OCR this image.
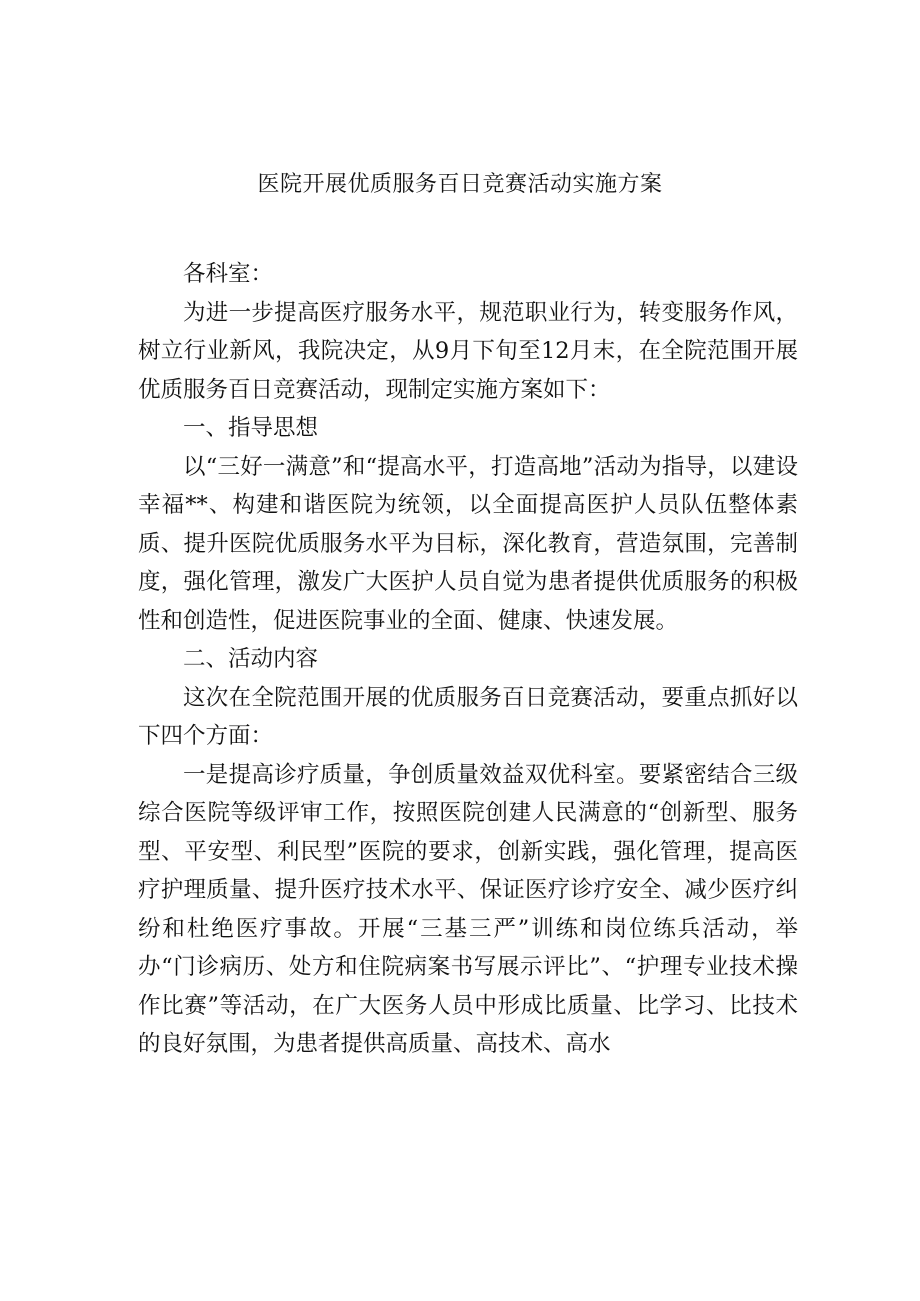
医院开展优质服务百日竞赛活动实施方案

各科室：

为进一步提高医疗服务水平，规范职业行为，转变服务作风，树立行业新风，我院决定，从9月下旬至12月末，在全院范围开展优质服务百日竞赛活动，现制定实施方案如下：

一、指导思想

以“三好一满意”和“提高水平，打造高地”活动为指导，以建设幸福**、构建和谐医院为统领，以全面提高医护人员队伍整体素质、提升医院优质服务水平为目标，深化教育，营造氛围，完善制度，强化管理，激发广大医护人员自觉为患者提供优质服务的积极性和创造性，促进医院事业的全面、健康、快速发展。

二、活动内容

这次在全院范围开展的优质服务百日竞赛活动，要重点抓好以下四个方面：

一是提高诊疗质量，争创质量效益双优科室。要紧密结合三级综合医院等级评审工作，按照医院创建人民满意的“创新型、服务型、平安型、利民型”医院的要求，创新实践，强化管理，提高医疗护理质量、提升医疗技术水平、保证医疗诊疗安全、减少医疗纠纷和杜绝医疗事故。开展“三基三严”训练和岗位练兵活动，举办“门诊病历、处方和住院病案书写展示评比”、“护理专业技术操作比赛”等活动，在广大医务人员中形成比质量、比学习、比技术的良好氛围，为患者提供高质量、高技术、高水
